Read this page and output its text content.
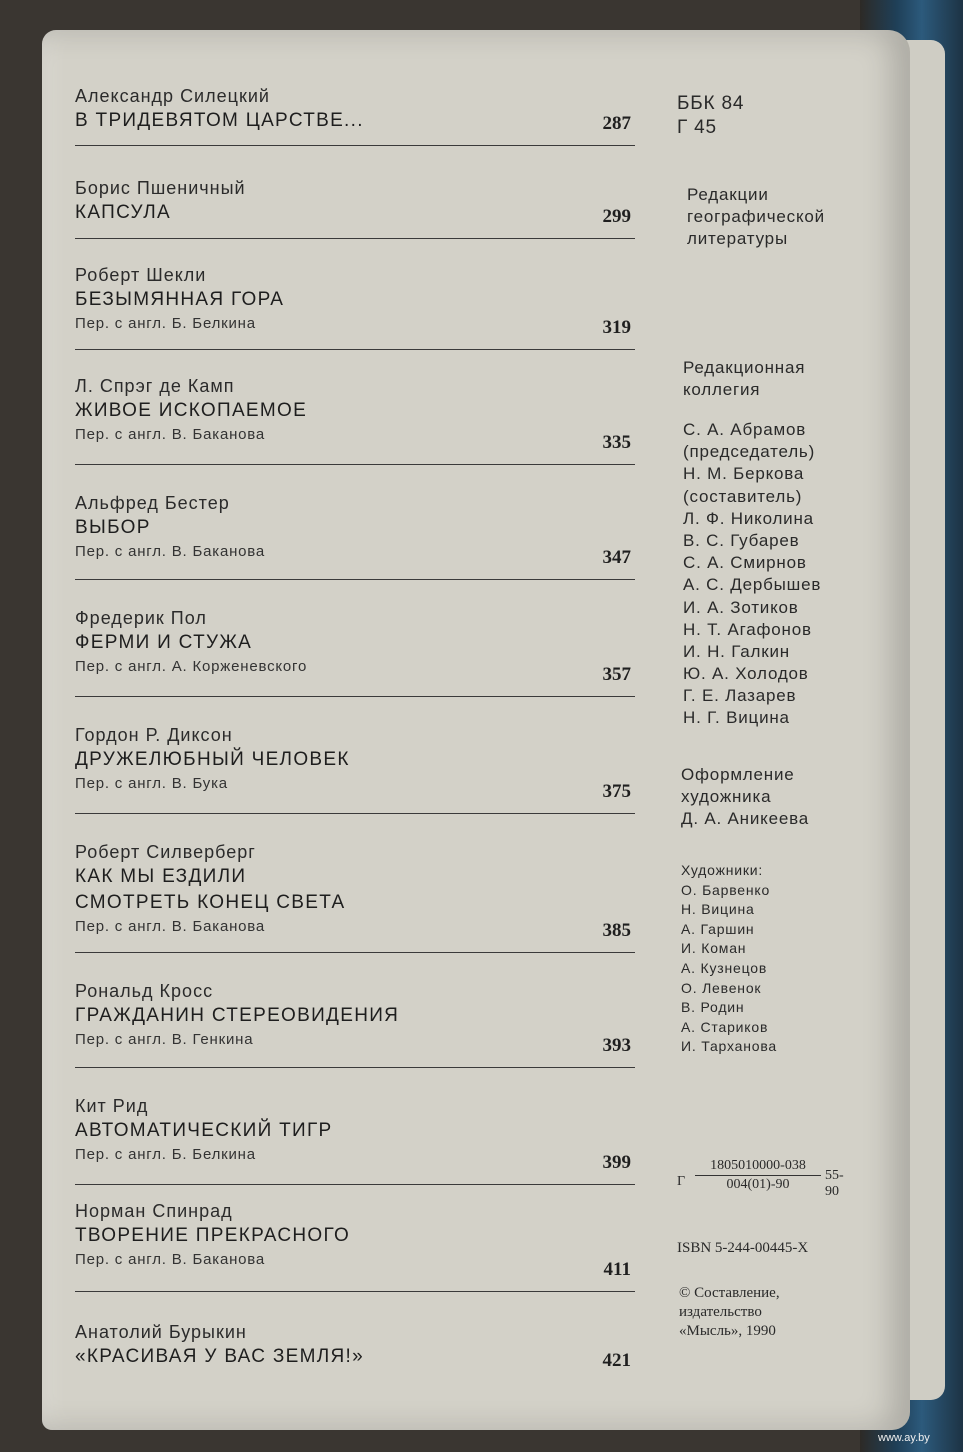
Александр Силецкий
В ТРИДЕВЯТОМ ЦАРСТВЕ...	287
Борис Пшеничный
КАПСУЛА	299
Роберт Шекли
БЕЗЫМЯННАЯ ГОРА
Пер. с англ. Б. Белкина	319
Л. Спрэг де Камп
ЖИВОЕ ИСКОПАЕМОЕ
Пер. с англ. В. Баканова	335
Альфред Бестер
ВЫБОР
Пер. с англ. В. Баканова	347
Фредерик Пол
ФЕРМИ И СТУЖА
Пер. с англ. А. Корженевского	357
Гордон Р. Диксон
ДРУЖЕЛЮБНЫЙ ЧЕЛОВЕК
Пер. с англ. В. Бука	375
Роберт Силверберг
КАК МЫ ЕЗДИЛИ
СМОТРЕТЬ КОНЕЦ СВЕТА
Пер. с англ. В. Баканова	385
Рональд Кросс
ГРАЖДАНИН СТЕРЕОВИДЕНИЯ
Пер. с англ. В. Генкина	393
Кит Рид
АВТОМАТИЧЕСКИЙ ТИГР
Пер. с англ. Б. Белкина	399
Норман Спинрад
ТВОРЕНИЕ ПРЕКРАСНОГО
Пер. с англ. В. Баканова	411
Анатолий Бурыкин
«КРАСИВАЯ У ВАС ЗЕМЛЯ!»	421
ББК 84
Г 45
Редакции
географической
литературы
Редакционная
коллегия
С. А. Абрамов
(председатель)
Н. М. Беркова
(составитель)
Л. Ф. Николина
В. С. Губарев
С. А. Смирнов
А. С. Дербышев
И. А. Зотиков
Н. Т. Агафонов
И. Н. Галкин
Ю. А. Холодов
Г. Е. Лазарев
Н. Г. Вицина
Оформление
художника
Д. А. Аникеева
Художники:
О. Барвенко
Н. Вицина
А. Гаршин
И. Коман
А. Кузнецов
О. Левенок
В. Родин
А. Стариков
И. Тарханова
Г
1805010000-038
004(01)-90
55-90
ISBN 5-244-00445-X
© Составление,
издательство
«Мысль», 1990
www.ay.by
